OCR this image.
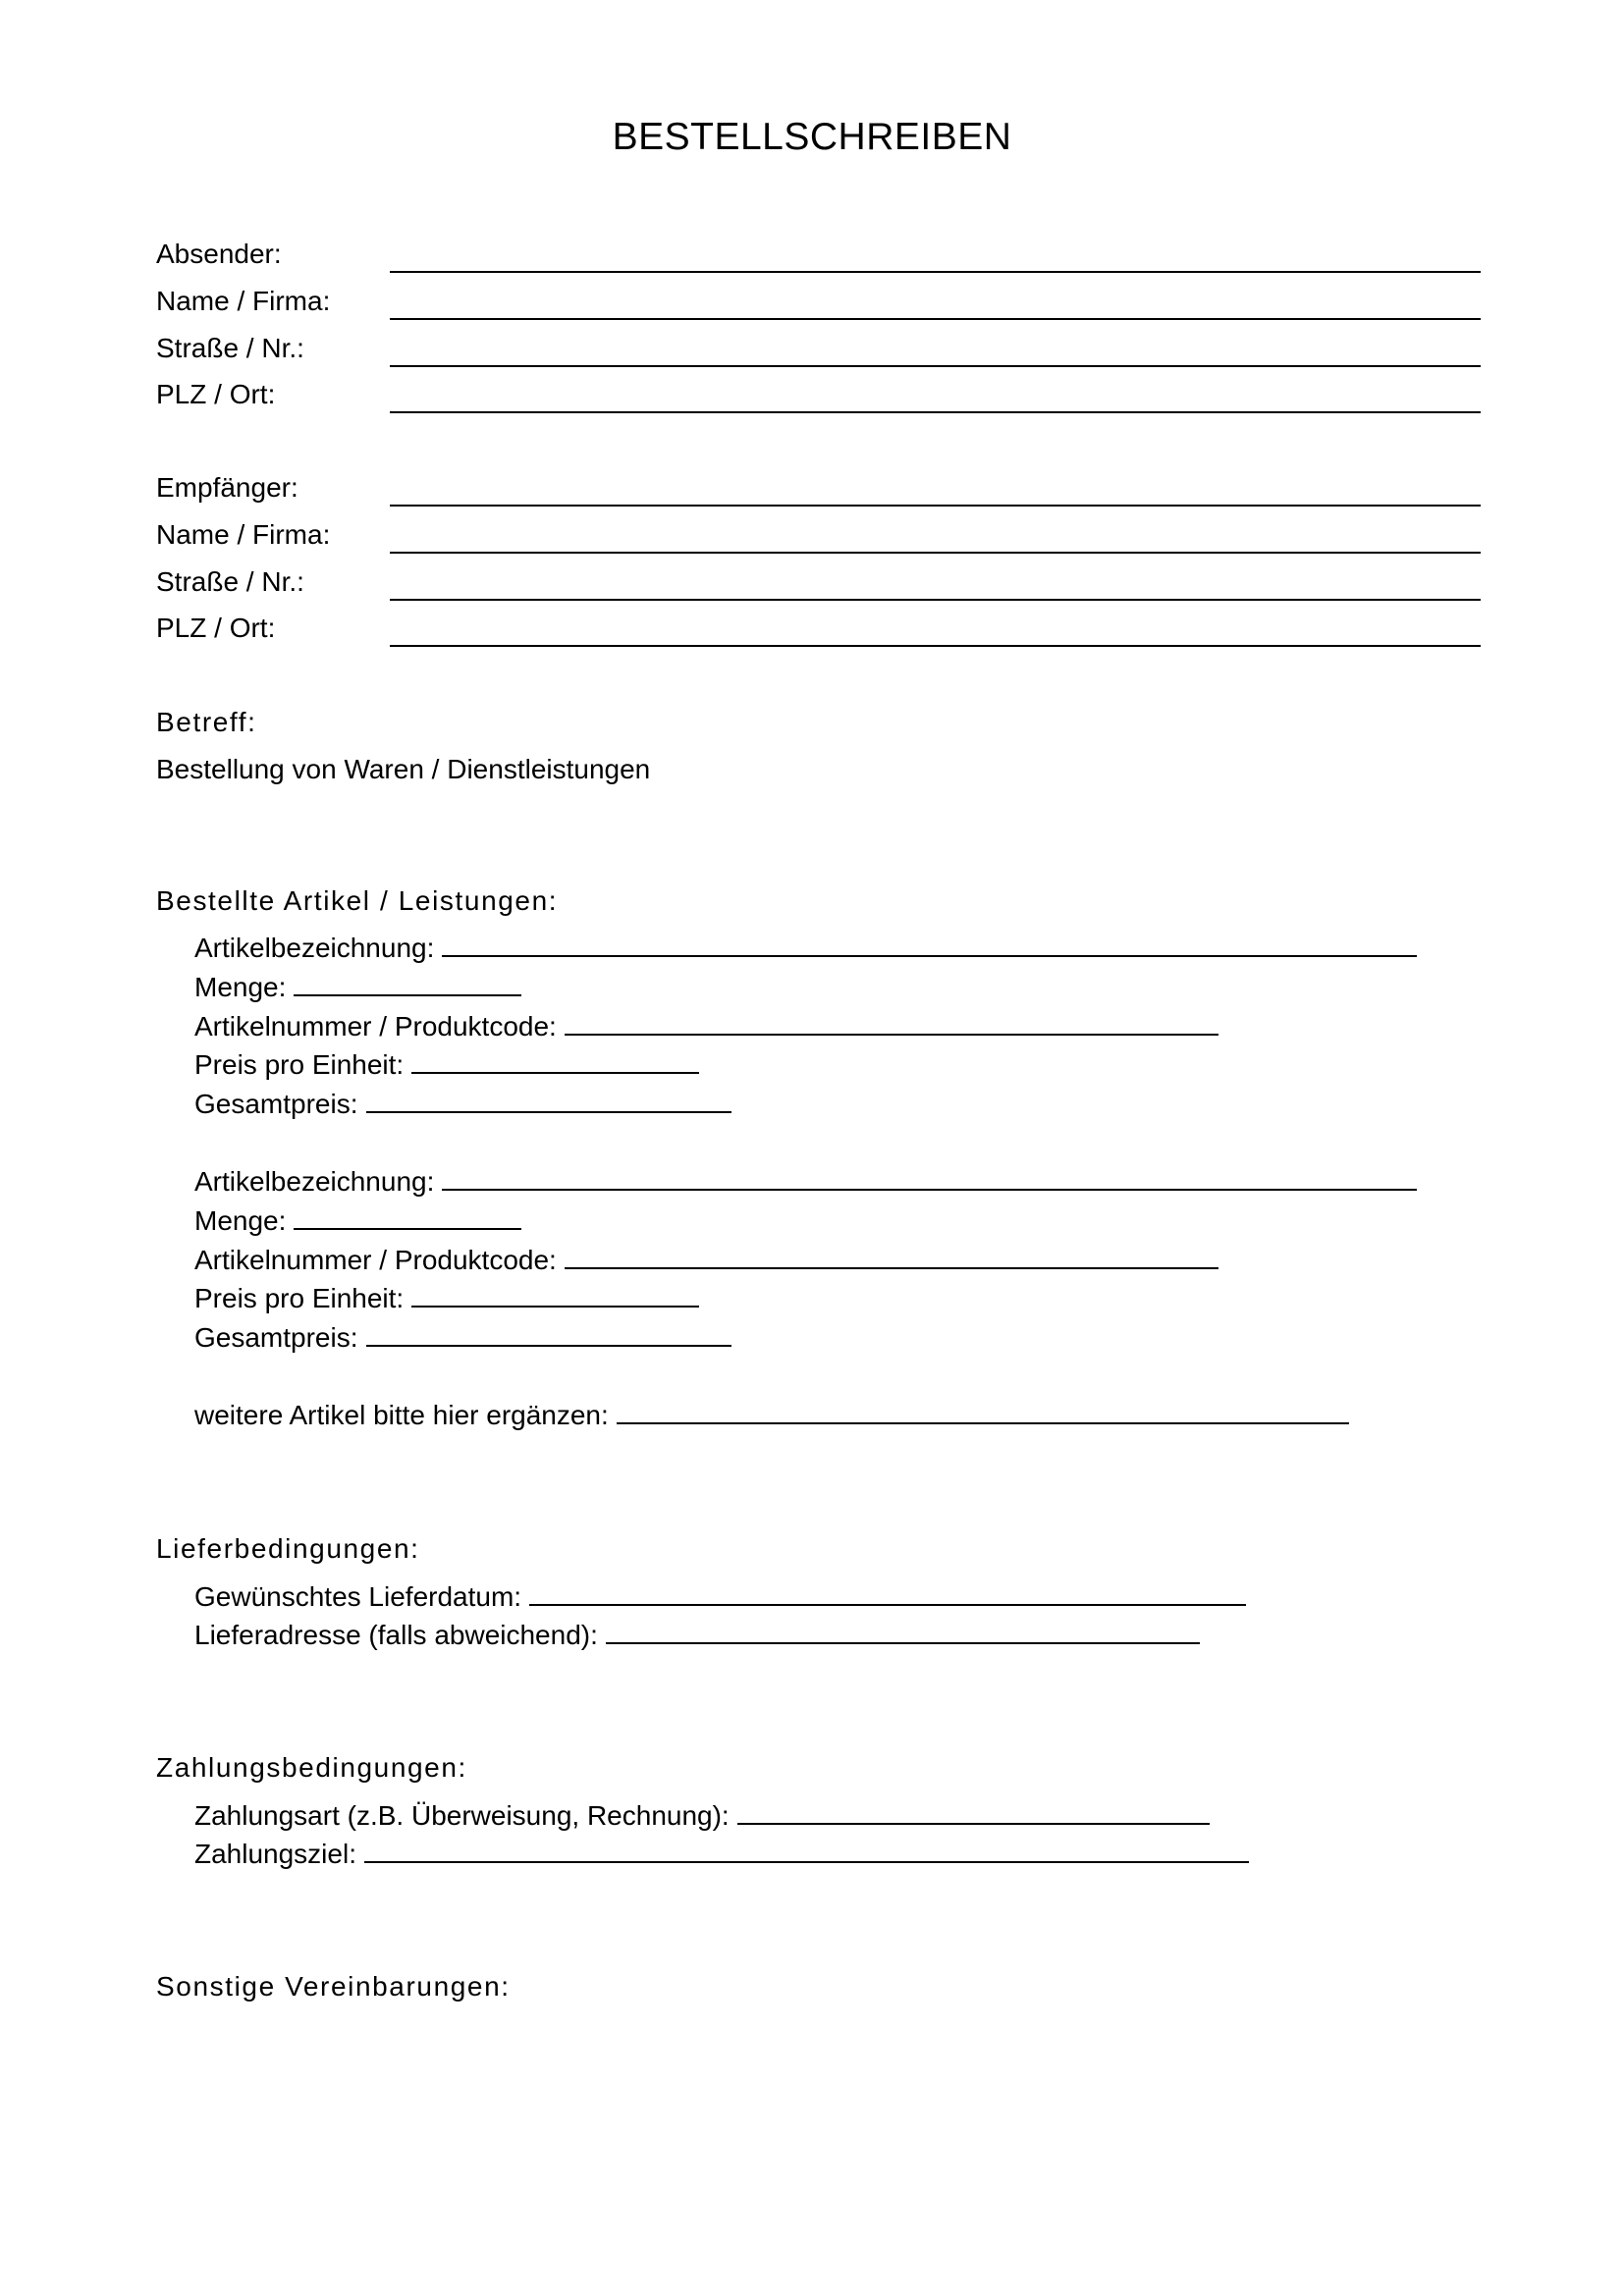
BESTELLSCHREIBEN
Absender:
Name / Firma:
Straße / Nr.:
PLZ / Ort:
Empfänger:
Name / Firma:
Straße / Nr.:
PLZ / Ort:
Betreff:
Bestellung von Waren / Dienstleistungen
Bestellte Artikel / Leistungen:
Artikelbezeichnung:
Menge:
Artikelnummer / Produktcode:
Preis pro Einheit:
Gesamtpreis:
Artikelbezeichnung:
Menge:
Artikelnummer / Produktcode:
Preis pro Einheit:
Gesamtpreis:
weitere Artikel bitte hier ergänzen:
Lieferbedingungen:
Gewünschtes Lieferdatum:
Lieferadresse (falls abweichend):
Zahlungsbedingungen:
Zahlungsart (z.B. Überweisung, Rechnung):
Zahlungsziel:
Sonstige Vereinbarungen:
